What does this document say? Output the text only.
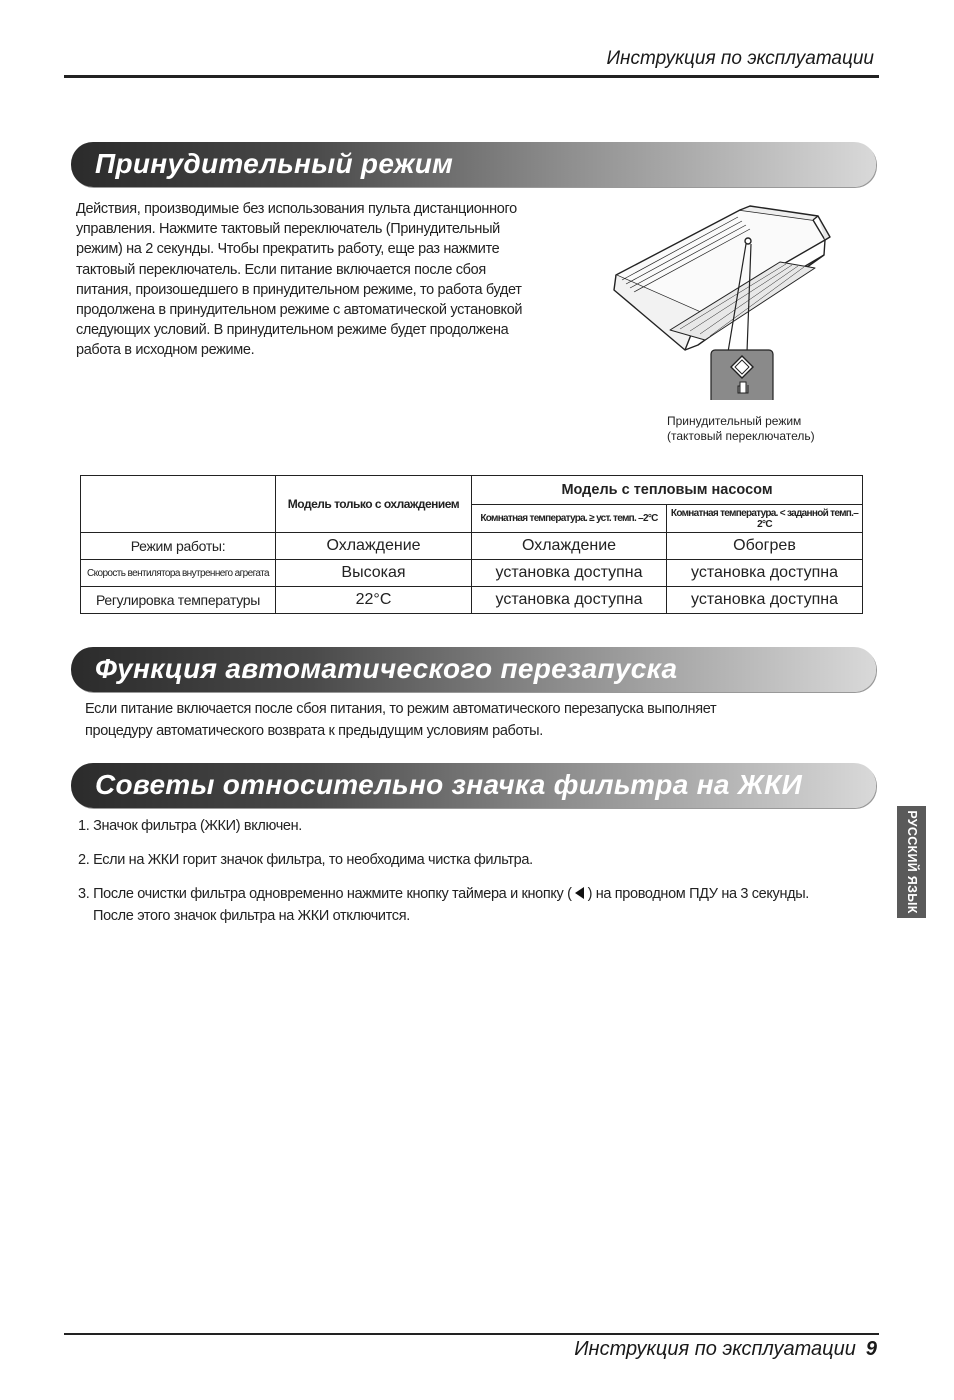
Инструкция по эксплуатации
Принудительный режим
Действия, производимые без использования пульта дистанционного
управления. Нажмите тактовый переключатель (Принудительный
режим) на 2 секунды. Чтобы прекратить работу, еще раз нажмите
тактовый переключатель. Если питание включается после сбоя
питания, произошедшего в принудительном режиме, то работа будет
продолжена в принудительном режиме с автоматической установкой
следующих условий. В принудительном режиме будет продолжена
работа в исходном режиме.
Принудительный режим
(тактовый переключатель)
	Модель только с охлаждением	Модель с тепловым насосом	
		Комнатная температура. ≥ уст. темп. –2°C	Комнатная температура. < заданной темп.–2°C
Режим работы:	Охлаждение	Охлаждение	Обогрев
Скорость вентилятора внутреннего агрегата	Высокая	установка доступна	установка доступна
Регулировка температуры	22°C	установка доступна	установка доступна
Функция автоматического перезапуска
Если питание включается после сбоя питания, то режим автоматического перезапуска выполняет
процедуру автоматического возврата к предыдущим условиям работы.
Советы относительно значка фильтра на ЖКИ
1. Значок фильтра (ЖКИ) включен.
2. Если на ЖКИ горит значок фильтра, то необходима чистка фильтра.
3. После очистки фильтра одновременно нажмите кнопку таймера и кнопку ( ) на проводном ПДУ на 3 секунды.
После этого значок фильтра на ЖКИ отключится.
РУССКИЙ ЯЗЫК
Инструкция по эксплуатации 9
